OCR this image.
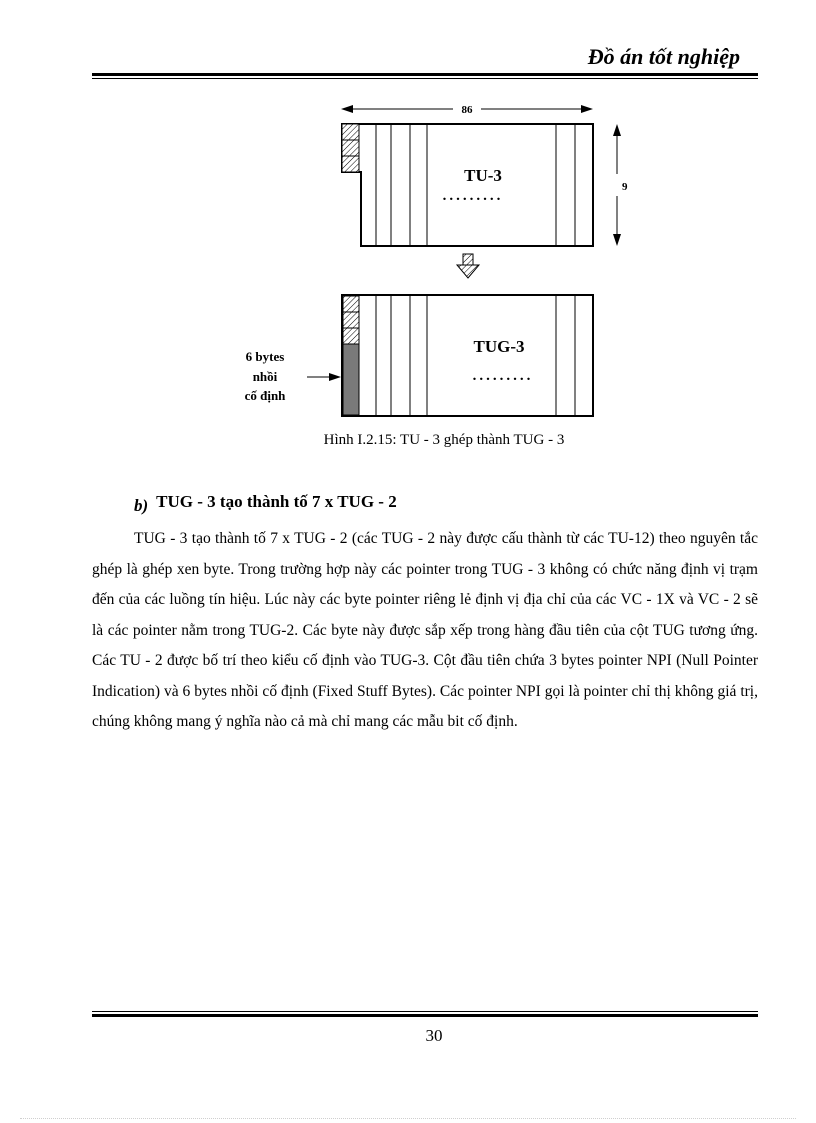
Đồ án tốt nghiệp
86
TU-3
.........
9
TUG-3
.........
6 bytes
nhồi
cố định
Hình I.2.15: TU - 3 ghép thành TUG - 3
b) TUG - 3 tạo thành tố 7 x TUG - 2

TUG - 3 tạo thành tố 7 x TUG - 2 (các TUG - 2 này được cấu thành từ các TU-12) theo nguyên tắc ghép là ghép xen byte. Trong trường hợp này các pointer trong TUG - 3 không có chức năng định vị trạm đến của các luồng tín hiệu. Lúc này các byte pointer riêng lẻ định vị địa chỉ của các VC - 1X và VC - 2 sẽ là các pointer nằm trong TUG-2. Các byte này được sắp xếp trong hàng đầu tiên của cột TUG tương ứng. Các TU - 2 được bố trí theo kiểu cố định vào TUG-3. Cột đầu tiên chứa 3 bytes pointer NPI (Null Pointer Indication) và 6 bytes nhồi cố định (Fixed Stuff Bytes). Các pointer NPI gọi là pointer chỉ thị không giá trị, chúng không mang ý nghĩa nào cả mà chỉ mang các mẫu bit cố định.

30
